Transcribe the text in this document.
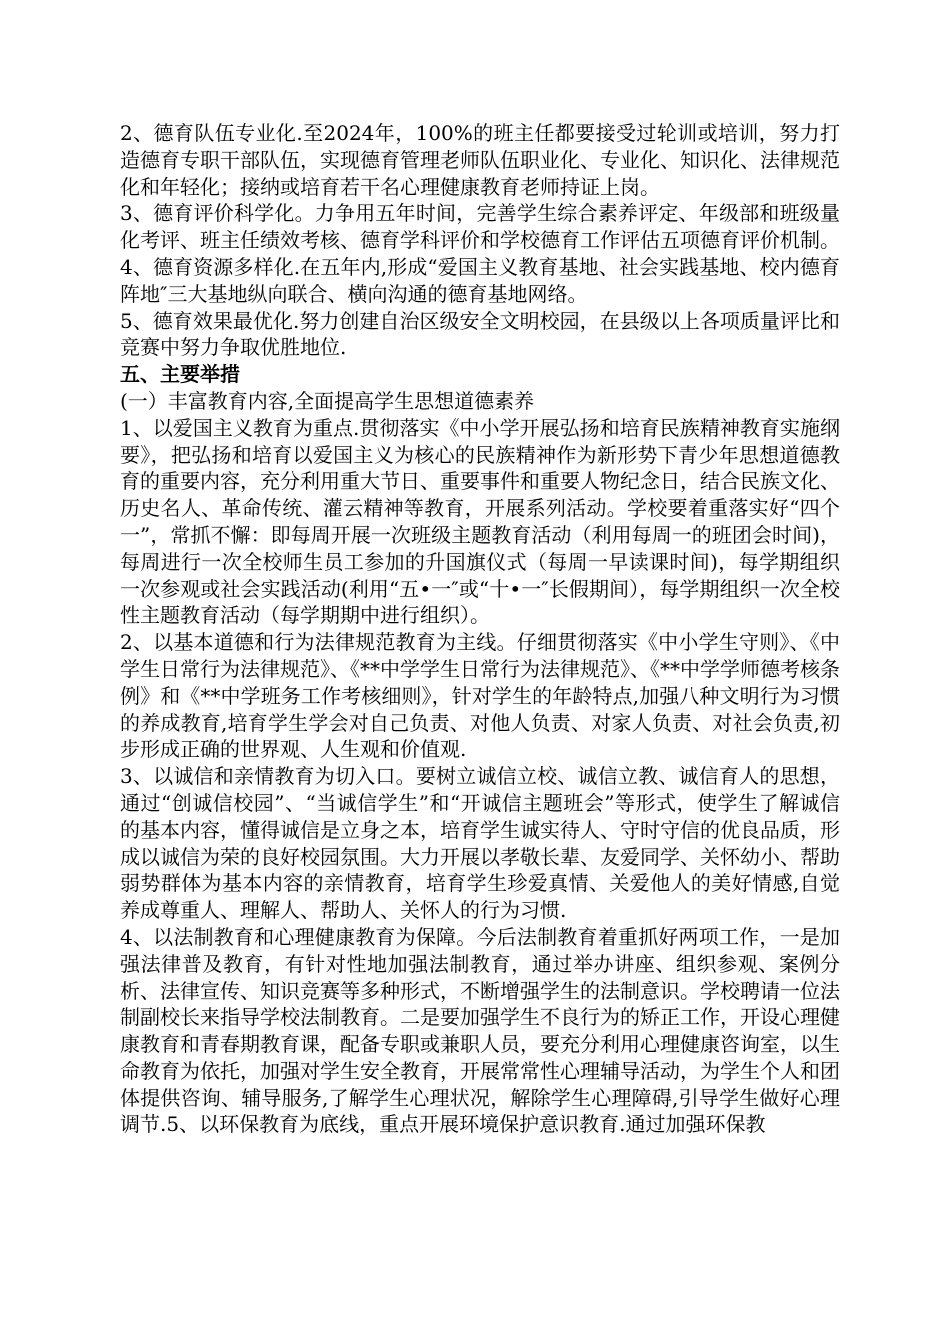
2、德育队伍专业化.至2024年，100%的班主任都要接受过轮训或培训，努力打造德育专职干部队伍，实现德育管理老师队伍职业化、专业化、知识化、法律规范化和年轻化；接纳或培育若干名心理健康教育老师持证上岗。

3、德育评价科学化。力争用五年时间，完善学生综合素养评定、年级部和班级量化考评、班主任绩效考核、德育学科评价和学校德育工作评估五项德育评价机制。

4、德育资源多样化.在五年内,形成“爱国主义教育基地、社会实践基地、校内德育阵地″三大基地纵向联合、横向沟通的德育基地网络。

5、德育效果最优化.努力创建自治区级安全文明校园，在县级以上各项质量评比和竞赛中努力争取优胜地位.

五、主要举措

(一）丰富教育内容,全面提高学生思想道德素养

1、以爱国主义教育为重点.贯彻落实《中小学开展弘扬和培育民族精神教育实施纲要》，把弘扬和培育以爱国主义为核心的民族精神作为新形势下青少年思想道德教育的重要内容，充分利用重大节日、重要事件和重要人物纪念日，结合民族文化、历史名人、革命传统、灌云精神等教育，开展系列活动。学校要着重落实好“四个一”，常抓不懈：即每周开展一次班级主题教育活动（利用每周一的班团会时间)，每周进行一次全校师生员工参加的升国旗仪式（每周一早读课时间)，每学期组织一次参观或社会实践活动(利用“五•一″或“十•一″长假期间），每学期组织一次全校性主题教育活动（每学期期中进行组织）。

2、以基本道德和行为法律规范教育为主线。仔细贯彻落实《中小学生守则》、《中学生日常行为法律规范》、《**中学学生日常行为法律规范》、《**中学学师德考核条例》和《**中学班务工作考核细则》，针对学生的年龄特点,加强八种文明行为习惯的养成教育,培育学生学会对自己负责、对他人负责、对家人负责、对社会负责,初步形成正确的世界观、人生观和价值观.

3、以诚信和亲情教育为切入口。要树立诚信立校、诚信立教、诚信育人的思想，通过“创诚信校园”、“当诚信学生”和“开诚信主题班会”等形式，使学生了解诚信的基本内容，懂得诚信是立身之本，培育学生诚实待人、守时守信的优良品质，形成以诚信为荣的良好校园氛围。大力开展以孝敬长辈、友爱同学、关怀幼小、帮助弱势群体为基本内容的亲情教育，培育学生珍爱真情、关爱他人的美好情感,自觉养成尊重人、理解人、帮助人、关怀人的行为习惯.

4、以法制教育和心理健康教育为保障。今后法制教育着重抓好两项工作，一是加强法律普及教育，有针对性地加强法制教育，通过举办讲座、组织参观、案例分析、法律宣传、知识竞赛等多种形式，不断增强学生的法制意识。学校聘请一位法制副校长来指导学校法制教育。二是要加强学生不良行为的矫正工作，开设心理健康教育和青春期教育课，配备专职或兼职人员，要充分利用心理健康咨询室，以生命教育为依托，加强对学生安全教育，开展常常性心理辅导活动，为学生个人和团体提供咨询、辅导服务,了解学生心理状况，解除学生心理障碍,引导学生做好心理调节.5、以环保教育为底线，重点开展环境保护意识教育.通过加强环保教
